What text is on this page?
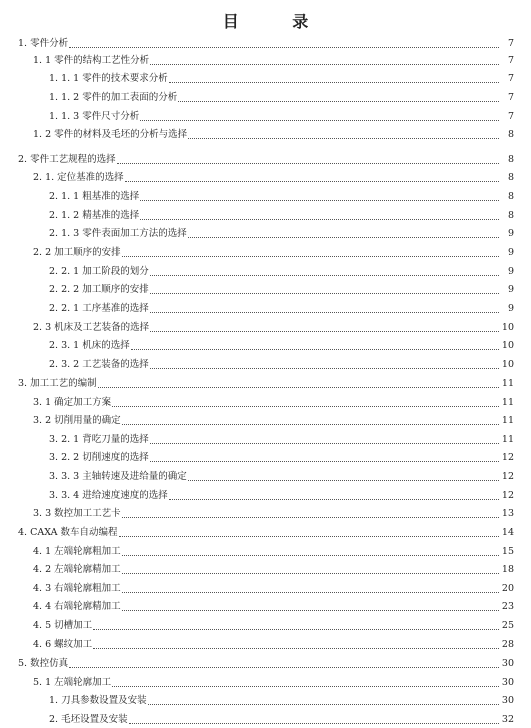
目 录
1. 零件分析	7
1. 1 零件的结构工艺性分析	7
1. 1. 1 零件的技术要求分析	7
1. 1. 2 零件的加工表面的分析	7
1. 1. 3 零件尺寸分析	7
1. 2 零件的材料及毛坯的分析与选择	8
2. 零件工艺规程的选择	8
2. 1. 定位基准的选择	8
2. 1. 1 粗基准的选择	8
2. 1. 2 精基准的选择	8
2. 1. 3 零件表面加工方法的选择	9
2. 2 加工顺序的安排	9
2. 2. 1 加工阶段的划分	9
2. 2. 2 加工顺序的安排	9
2. 2. 1 工序基准的选择	9
2. 3 机床及工艺装备的选择	10
2. 3. 1 机床的选择	10
2. 3. 2 工艺装备的选择	10
3. 加工工艺的编制	11
3. 1 确定加工方案	11
3. 2 切削用量的确定	11
3. 2. 1 背吃刀量的选择	11
3. 2. 2 切削速度的选择	12
3. 3. 3 主轴转速及进给量的确定	12
3. 3. 4 进给速度速度的选择	12
3. 3 数控加工工艺卡	13
4. CAXA 数车自动编程	14
4. 1 左端轮廓粗加工	15
4. 2 左端轮廓精加工	18
4. 3 右端轮廓粗加工	20
4. 4 右端轮廓精加工	23
4. 5 切槽加工	25
4. 6 螺纹加工	28
5. 数控仿真	30
5. 1 左端轮廓加工	30
1. 刀具参数设置及安装	30
2. 毛坯设置及安装	32
